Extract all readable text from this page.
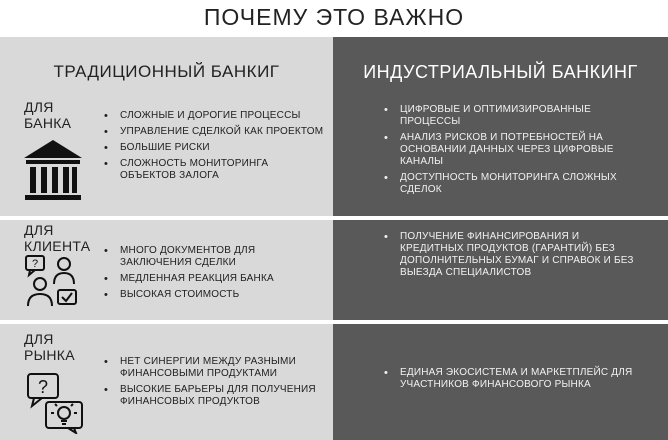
ПОЧЕМУ ЭТО ВАЖНО
ТРАДИЦИОННЫЙ БАНКИГ	ИНДУСТРИАЛЬНЫЙ БАНКИНГ
ДЛЯ
БАНКА
•	СЛОЖНЫЕ И ДОРОГИЕ ПРОЦЕССЫ
• УПРАВЛЕНИЕ СДЕЛКОЙ КАК ПРОЕКТОМ
• БОЛЬШИЕ РИСКИ
• СЛОЖНОСТЬ МОНИТОРИНГА ОБЪЕКТОВ ЗАЛОГА
• ЦИФРОВЫЕ И ОПТИМИЗИРОВАННЫЕ ПРОЦЕССЫ
• АНАЛИЗ РИСКОВ И ПОТРЕБНОСТЕЙ НА ОСНОВАНИИ ДАННЫХ ЧЕРЕЗ ЦИФРОВЫЕ КАНАЛЫ
• ДОСТУПНОСТЬ МОНИТОРИНГА СЛОЖНЫХ СДЕЛОК
ДЛЯ
КЛИЕНТА
?
• МНОГО ДОКУМЕНТОВ ДЛЯ ЗАКЛЮЧЕНИЯ СДЕЛКИ
• МЕДЛЕННАЯ РЕАКЦИЯ БАНКА
• ВЫСОКАЯ СТОИМОСТЬ
• ПОЛУЧЕНИЕ ФИНАНСИРОВАНИЯ И КРЕДИТНЫХ ПРОДУКТОВ (ГАРАНТИЙ) БЕЗ ДОПОЛНИТЕЛЬНЫХ БУМАГ И СПРАВОК И БЕЗ ВЫЕЗДА СПЕЦИАЛИСТОВ
ДЛЯ
РЫНКА
?
• НЕТ СИНЕРГИИ МЕЖДУ РАЗНЫМИ ФИНАНСОВЫМИ ПРОДУКТАМИ
• ВЫСОКИЕ БАРЬЕРЫ ДЛЯ ПОЛУЧЕНИЯ ФИНАНСОВЫХ ПРОДУКТОВ
• ЕДИНАЯ ЭКОСИСТЕМА И МАРКЕТПЛЕЙС ДЛЯ УЧАСТНИКОВ ФИНАНСОВОГО РЫНКА
